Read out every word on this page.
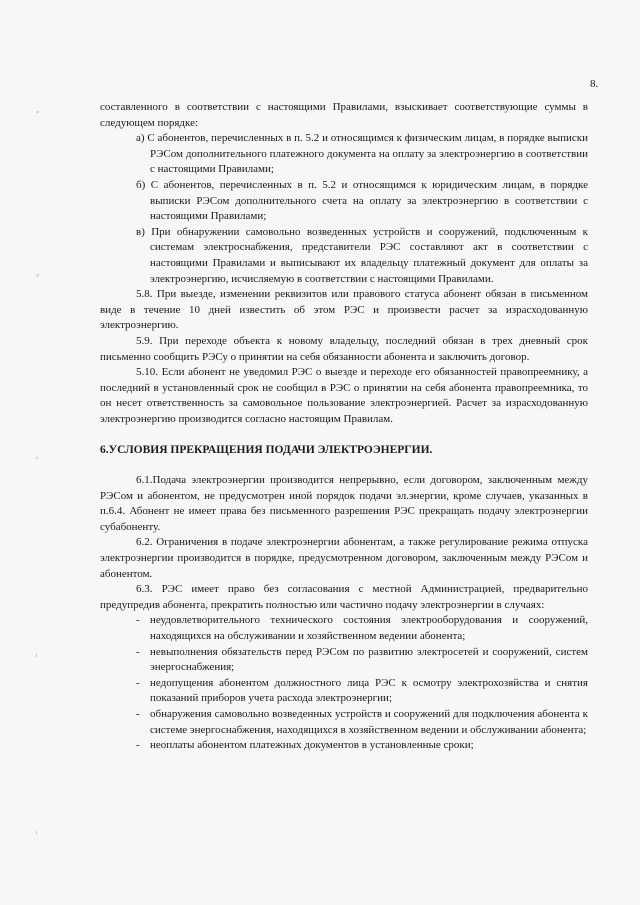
8.
˚
◦
ʹ
ᵢ
ᵢ

составленного в соответствии с настоящими Правилами, взыскивает соответствующие суммы в следующем порядке:

а) С абонентов, перечисленных в п. 5.2 и относящимся к физическим лицам, в порядке выписки РЭСом дополнительного платежного документа на оплату за электроэнергию в соответствии с настоящими Правилами;

б) С абонентов, перечисленных в п. 5.2 и относящимся к юридическим лицам, в порядке выписки РЭСом дополнительного счета на оплату за электроэнергию в соответствии с настоящими Правилами;

в) При обнаружении самовольно возведенных устройств и сооружений, подключенным к системам электроснабжения, представители РЭС составляют акт в соответствии с настоящими Правилами и выписывают их владельцу платежный документ для оплаты за электроэнергию, исчисляемую в соответствии с настоящими Правилами.

5.8. При выезде, изменении реквизитов или правового статуса абонент обязан в письменном виде в течение 10 дней известить об этом РЭС и произвести расчет за израсходованную электроэнергию.

5.9. При переходе объекта к новому владельцу, последний обязан в трех дневный срок письменно сообщить РЭСу о принятии на себя обязанности абонента и заключить договор.

5.10. Если абонент не уведомил РЭС о выезде и переходе его обязанностей правопреемнику, а последний в установленный срок не сообщил в РЭС о принятии на себя абонента правопреемника, то он несет ответственность за самовольное пользование электроэнергией. Расчет за израсходованную электроэнергию производится согласно настоящим Правилам.

6.УСЛОВИЯ ПРЕКРАЩЕНИЯ ПОДАЧИ ЭЛЕКТРОЭНЕРГИИ.

6.1.Подача электроэнергии производится непрерывно, если договором, заключенным между РЭСом и абонентом, не предусмотрен иной порядок подачи эл.энергии, кроме случаев, указанных в п.6.4. Абонент не имеет права без письменного разрешения РЭС прекращать подачу электроэнергии субабоненту.

6.2. Ограничения в подаче электроэнергии абонентам, а также регулирование режима отпуска электроэнергии производится в порядке, предусмотренном договором, заключенным между РЭСом и абонентом.

6.3. РЭС имеет право без согласования с местной Администрацией, предварительно предупредив абонента, прекратить полностью или частично подачу электроэнергии в случаях:

- неудовлетворительного технического состояния электрооборудования и сооружений, находящихся на обслуживании и хозяйственном ведении абонента;

- невыполнения обязательств перед РЭСом по развитию электросетей и сооружений, систем энергоснабжения;

- недопущения абонентом должностного лица РЭС к осмотру электрохозяйства и снятия показаний приборов учета расхода электроэнергии;

- обнаружения самовольно возведенных устройств и сооружений для подключения абонента к системе энергоснабжения, находящихся в хозяйственном ведении и обслуживании абонента;

- неоплаты абонентом платежных документов в установленные сроки;
